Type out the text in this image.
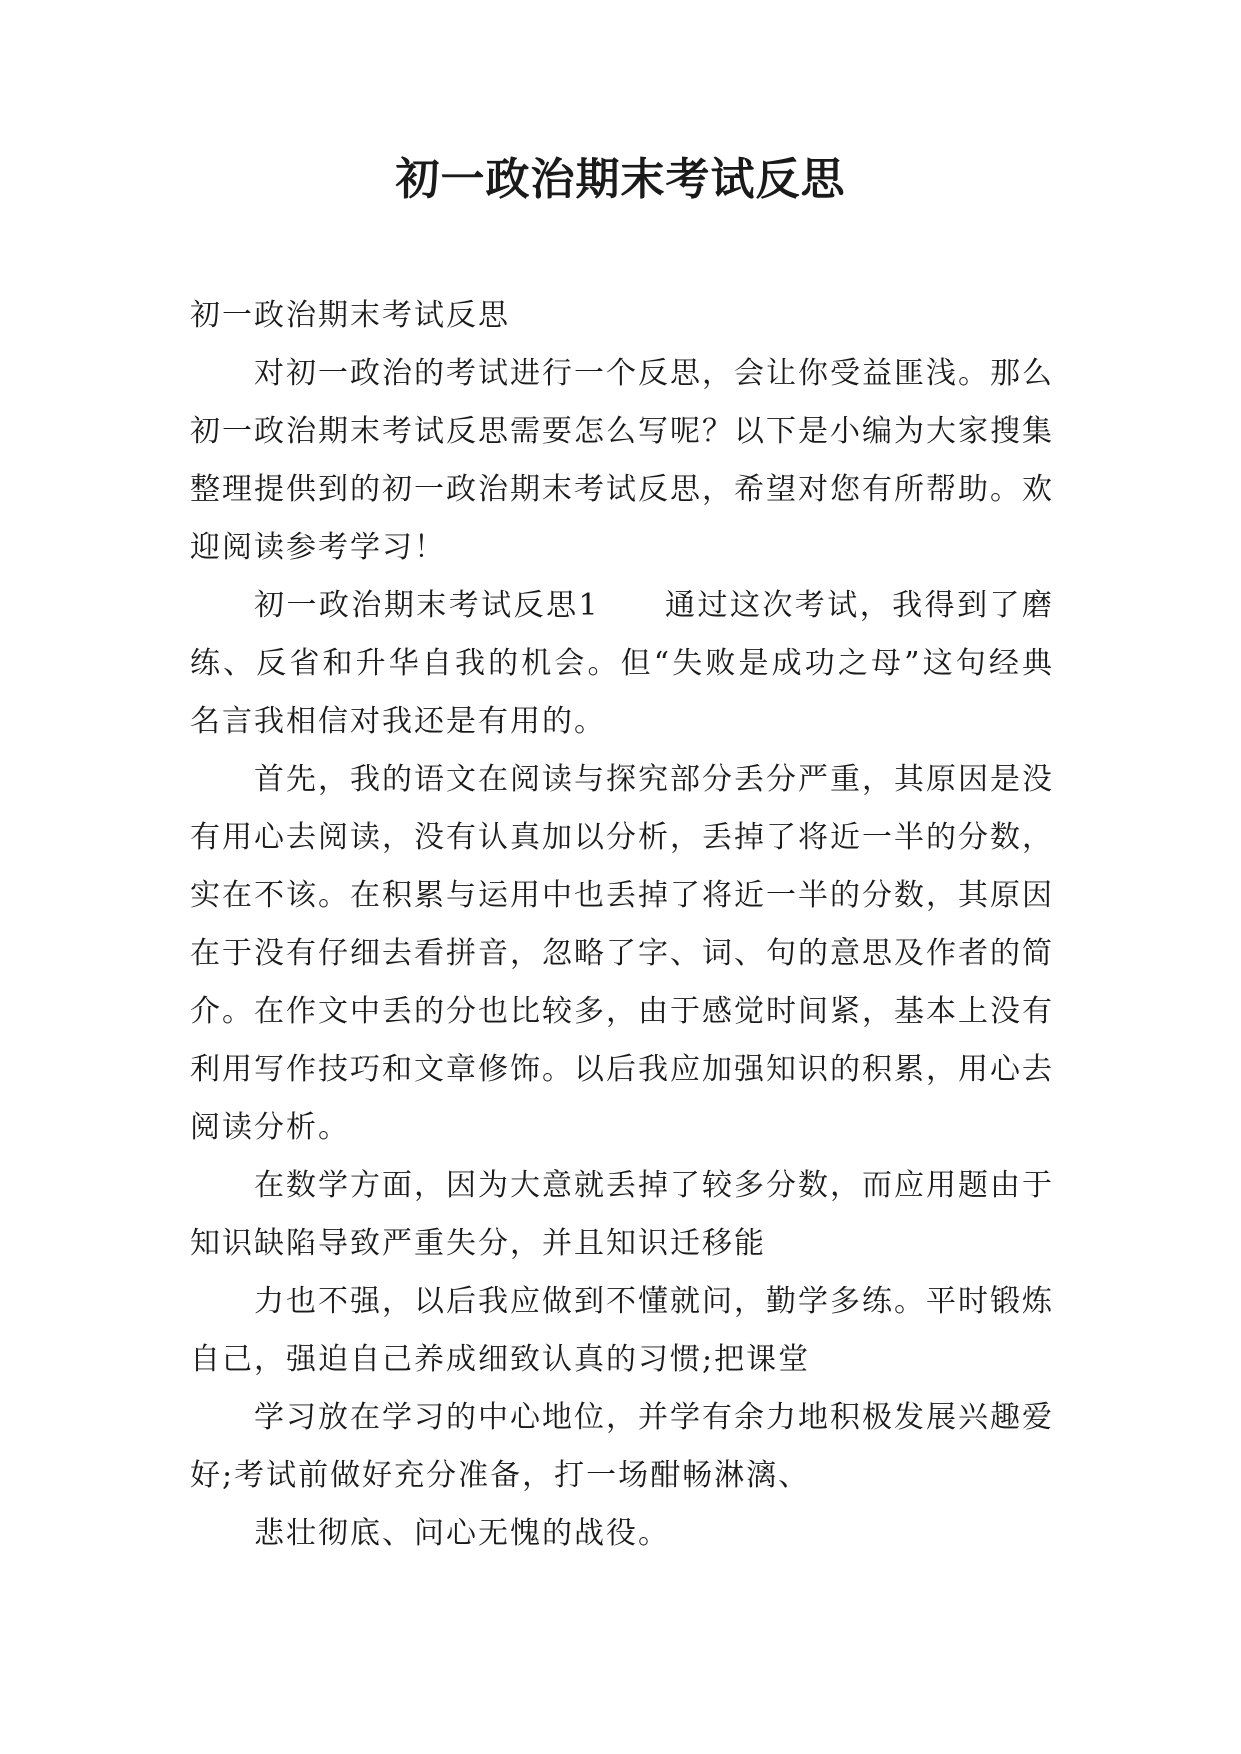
初一政治期末考试反思

初一政治期末考试反思

对初一政治的考试进行一个反思，会让你受益匪浅。那么初一政治期末考试反思需要怎么写呢？以下是小编为大家搜集整理提供到的初一政治期末考试反思，希望对您有所帮助。欢迎阅读参考学习！

初一政治期末考试反思1　　通过这次考试，我得到了磨练、反省和升华自我的机会。但“失败是成功之母”这句经典名言我相信对我还是有用的。

首先，我的语文在阅读与探究部分丢分严重，其原因是没有用心去阅读，没有认真加以分析，丢掉了将近一半的分数，实在不该。在积累与运用中也丢掉了将近一半的分数，其原因在于没有仔细去看拼音，忽略了字、词、句的意思及作者的简介。在作文中丢的分也比较多，由于感觉时间紧，基本上没有利用写作技巧和文章修饰。以后我应加强知识的积累，用心去阅读分析。

在数学方面，因为大意就丢掉了较多分数，而应用题由于知识缺陷导致严重失分，并且知识迁移能

力也不强，以后我应做到不懂就问，勤学多练。平时锻炼自己，强迫自己养成细致认真的习惯;把课堂

学习放在学习的中心地位，并学有余力地积极发展兴趣爱好;考试前做好充分准备，打一场酣畅淋漓、

悲壮彻底、问心无愧的战役。
